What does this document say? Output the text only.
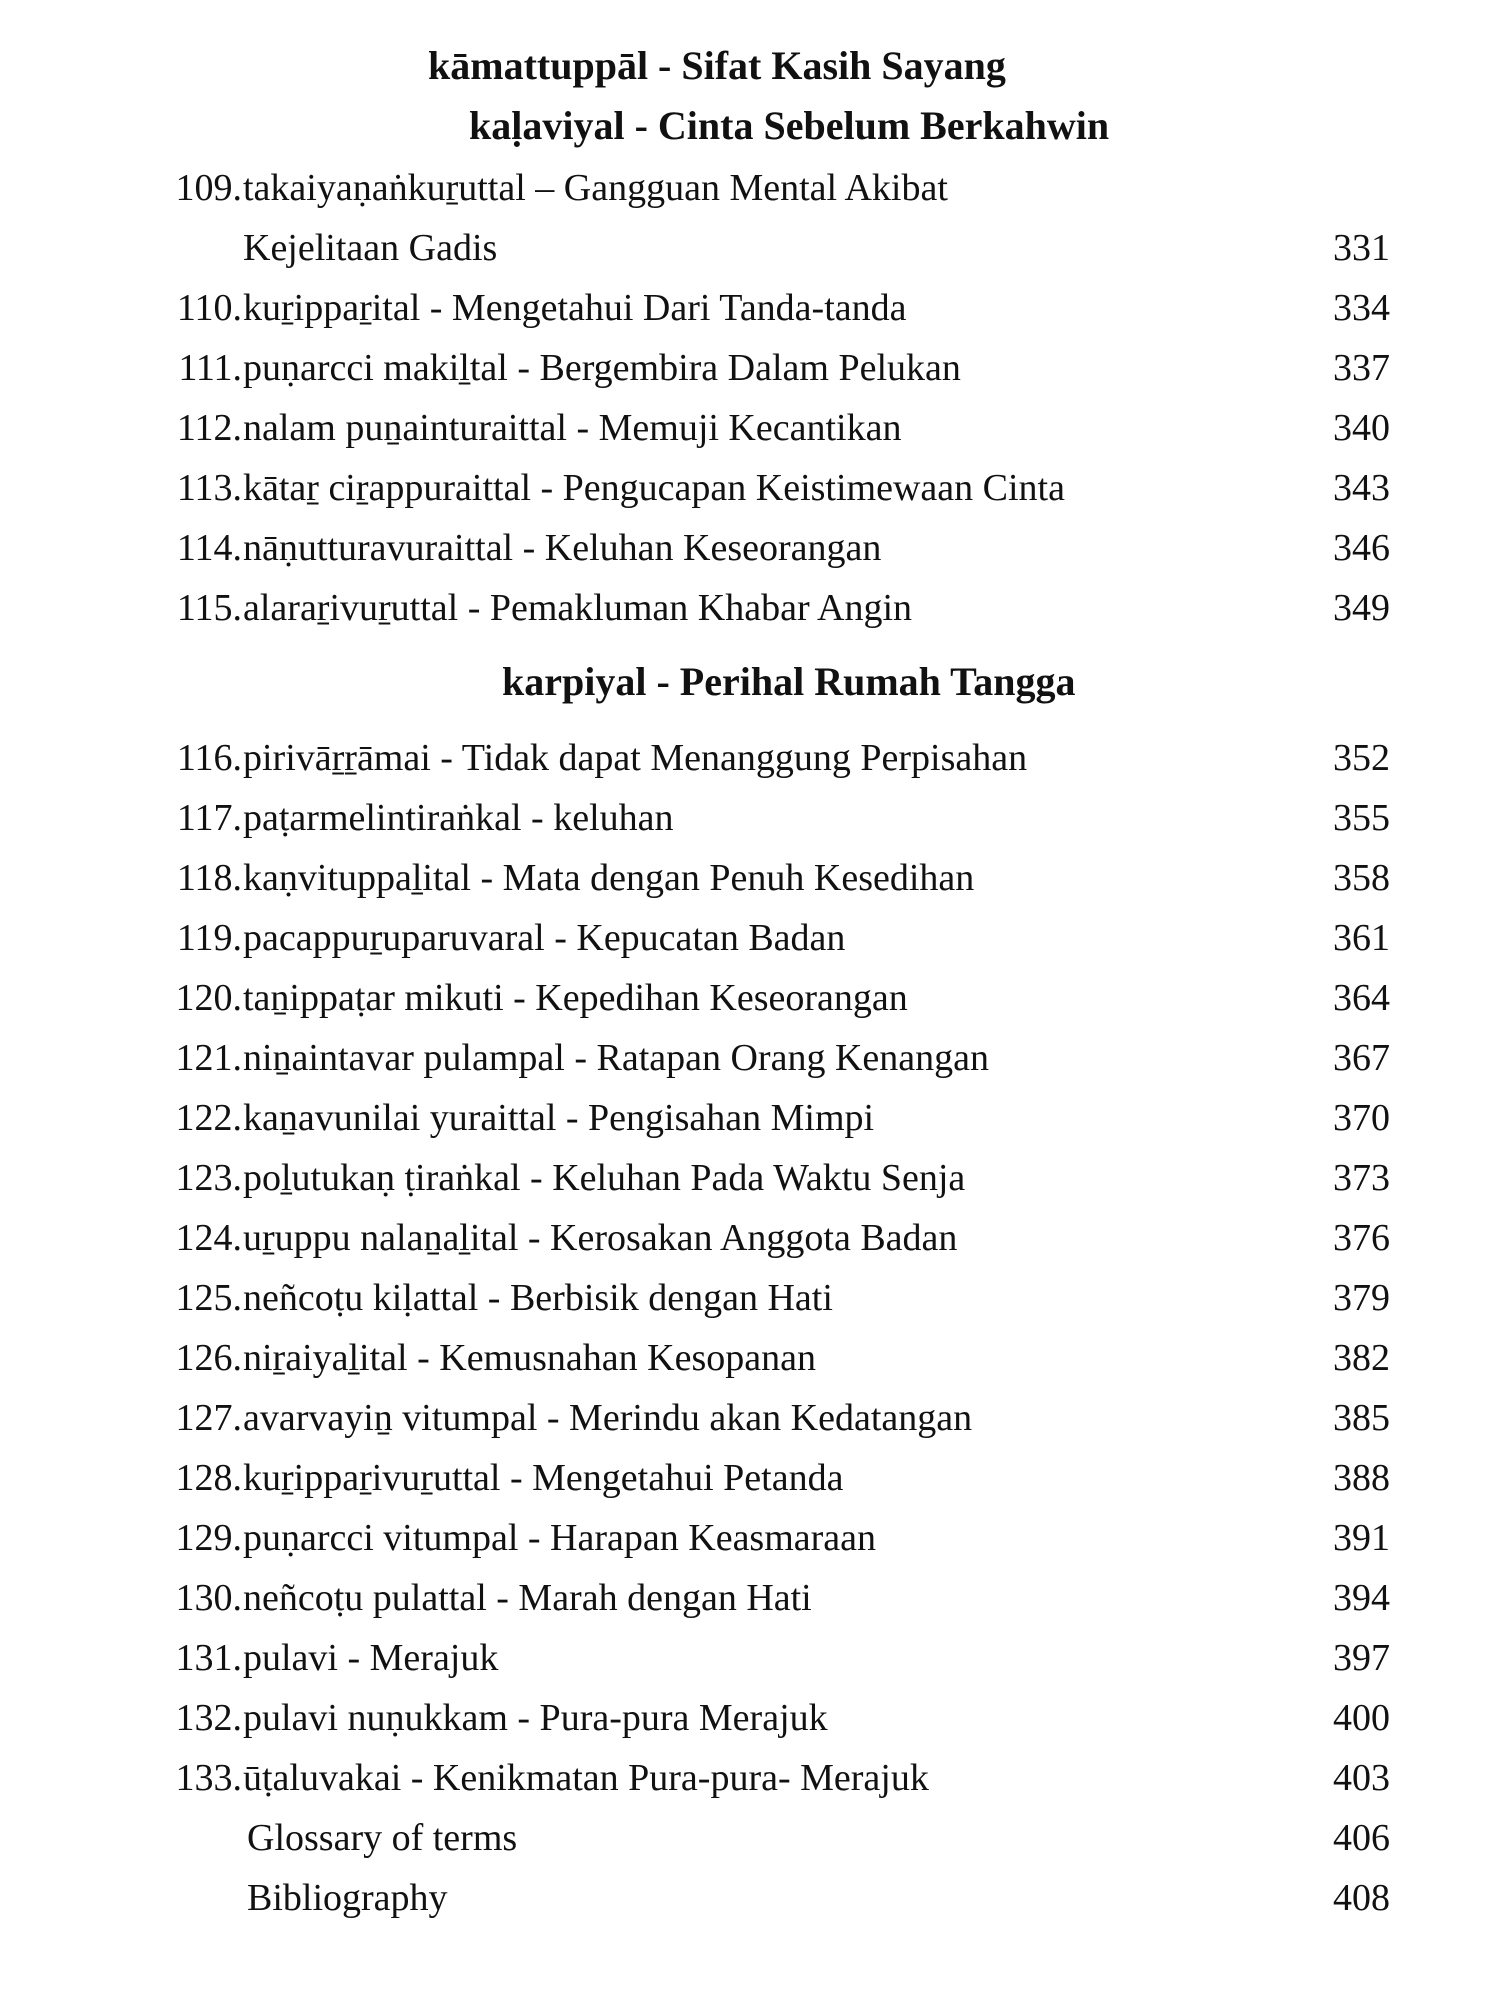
kāmattuppāl - Sifat Kasih Sayang
kaḷaviyal - Cinta Sebelum Berkahwin
109. takaiyaṇaṅkuṟuttal – Gangguan Mental Akibat
Kejelitaan Gadis	331
110. kuṟippaṟital - Mengetahui Dari Tanda-tanda	334
111. puṇarcci makiḻtal - Bergembira Dalam Pelukan	337
112. nalam puṉainturaittal - Memuji Kecantikan	340
113. kātaṟ ciṟappuraittal - Pengucapan Keistimewaan Cinta	343
114. nāṇutturavuraittal - Keluhan Keseorangan	346
115. alaraṟivuṟuttal - Pemakluman Khabar Angin	349
karpiyal - Perihal Rumah Tangga
116. pirivāṟṟāmai - Tidak dapat Menanggung Perpisahan	352
117. paṭarmelintiraṅkal - keluhan	355
118. kaṇvituppaḻital - Mata dengan Penuh Kesedihan	358
119. pacappuṟuparuvaral - Kepucatan Badan	361
120. taṉippaṭar mikuti - Kepedihan Keseorangan	364
121. niṉaintavar pulampal - Ratapan Orang Kenangan	367
122. kaṉavunilai yuraittal - Pengisahan Mimpi	370
123. poḻutukaṇ ṭiraṅkal - Keluhan Pada Waktu Senja	373
124. uṟuppu nalaṉaḻital - Kerosakan Anggota Badan	376
125. neñcoṭu kiḷattal - Berbisik dengan Hati	379
126. niṟaiyaḻital - Kemusnahan Kesopanan	382
127. avarvayiṉ vitumpal - Merindu akan Kedatangan	385
128. kuṟippaṟivuṟuttal - Mengetahui Petanda	388
129. puṇarcci vitumpal - Harapan Keasmaraan	391
130. neñcoṭu pulattal - Marah dengan Hati	394
131. pulavi - Merajuk	397
132. pulavi nuṇukkam - Pura-pura Merajuk	400
133. ūṭaluvakai - Kenikmatan Pura-pura- Merajuk	403
Glossary of terms	406
Bibliography	408
